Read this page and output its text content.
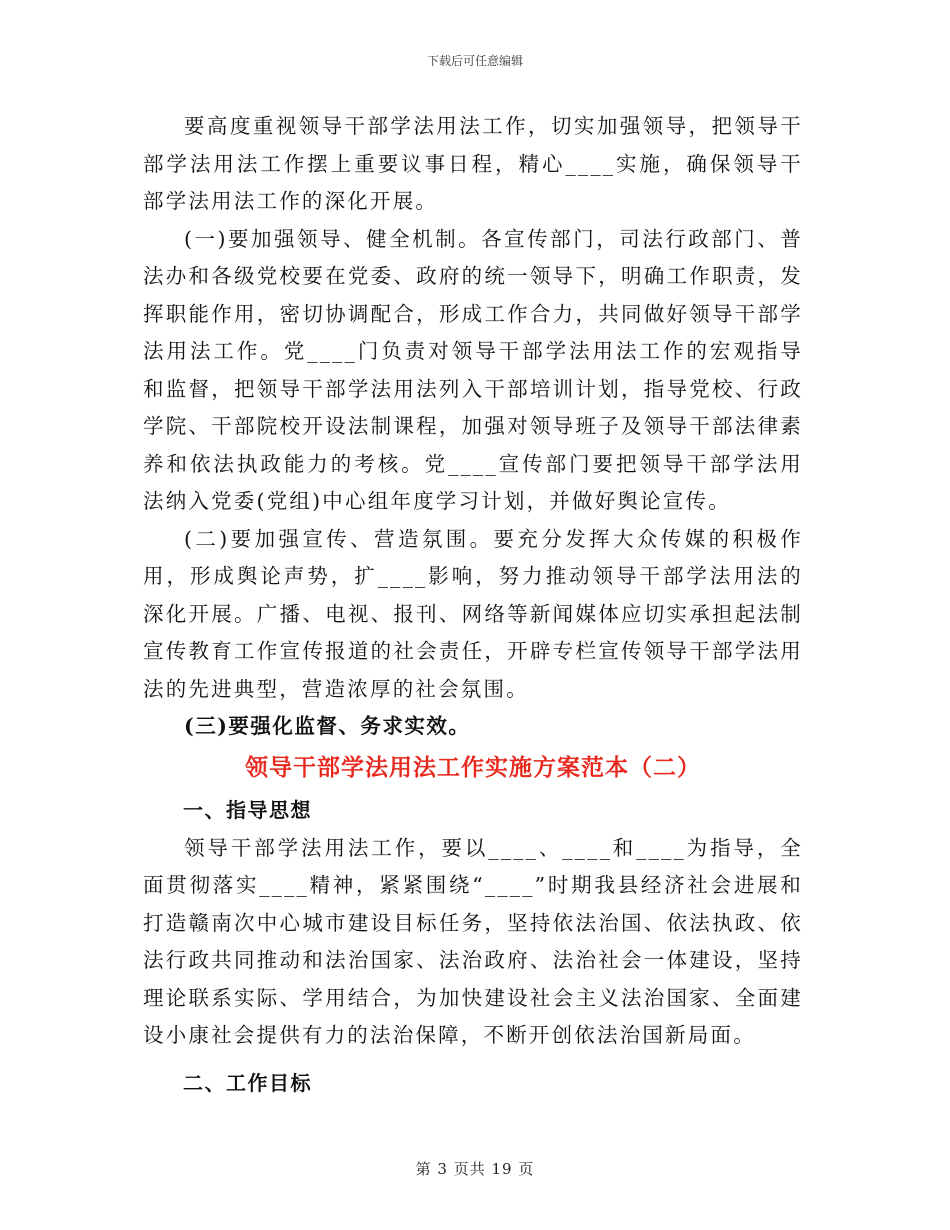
下载后可任意编辑

要高度重视领导干部学法用法工作，切实加强领导，把领导干部学法用法工作摆上重要议事日程，精心____实施，确保领导干部学法用法工作的深化开展。

(一)要加强领导、健全机制。各宣传部门，司法行政部门、普法办和各级党校要在党委、政府的统一领导下，明确工作职责，发挥职能作用，密切协调配合，形成工作合力，共同做好领导干部学法用法工作。党____门负责对领导干部学法用法工作的宏观指导和监督，把领导干部学法用法列入干部培训计划，指导党校、行政学院、干部院校开设法制课程，加强对领导班子及领导干部法律素养和依法执政能力的考核。党____宣传部门要把领导干部学法用法纳入党委(党组)中心组年度学习计划，并做好舆论宣传。

(二)要加强宣传、营造氛围。要充分发挥大众传媒的积极作用，形成舆论声势，扩____影响，努力推动领导干部学法用法的深化开展。广播、电视、报刊、网络等新闻媒体应切实承担起法制宣传教育工作宣传报道的社会责任，开辟专栏宣传领导干部学法用法的先进典型，营造浓厚的社会氛围。

(三)要强化监督、务求实效。

领导干部学法用法工作实施方案范本（二）
一、指导思想

领导干部学法用法工作，要以____、____和____为指导，全面贯彻落实____精神，紧紧围绕“____”时期我县经济社会进展和打造赣南次中心城市建设目标任务，坚持依法治国、依法执政、依法行政共同推动和法治国家、法治政府、法治社会一体建设，坚持理论联系实际、学用结合，为加快建设社会主义法治国家、全面建设小康社会提供有力的法治保障，不断开创依法治国新局面。

二、工作目标
第 3 页共 19 页
